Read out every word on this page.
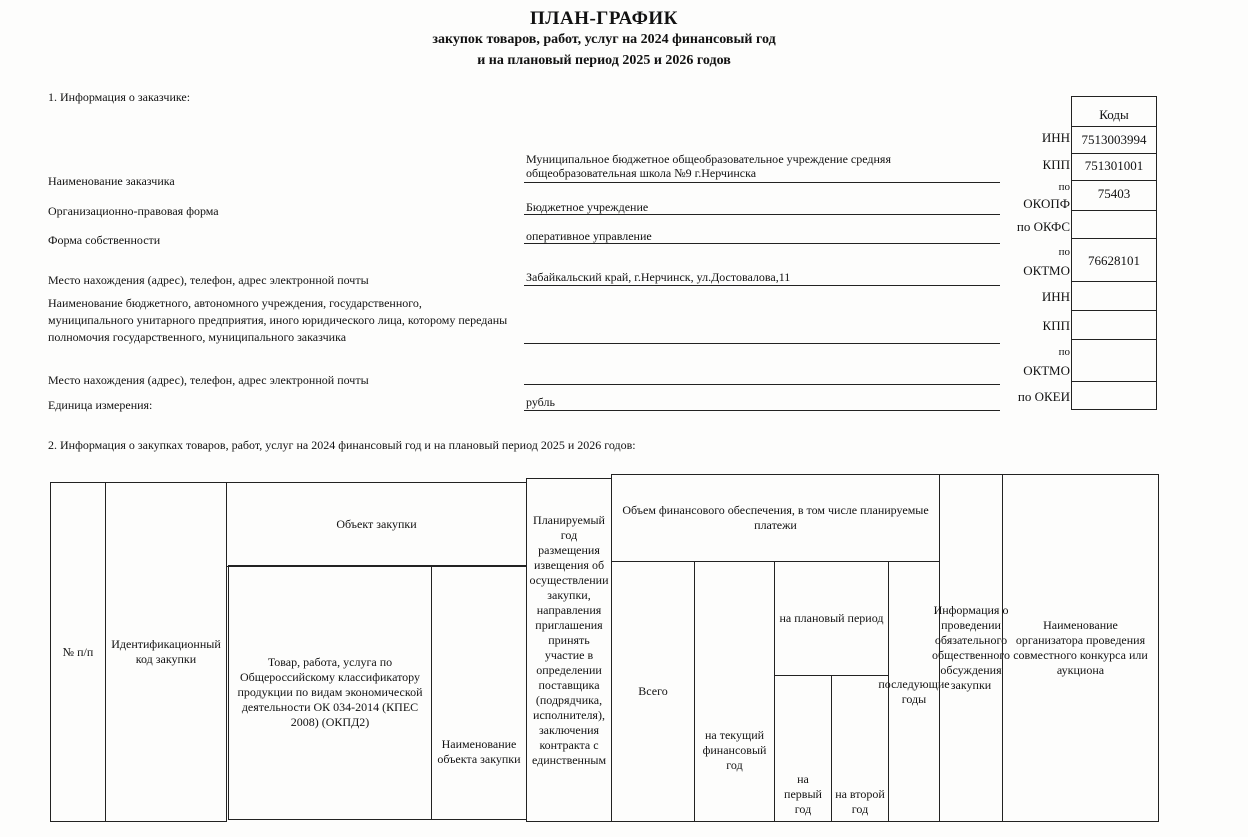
ПЛАН-ГРАФИК
закупок товаров, работ, услуг на 2024 финансовый год
и на плановый период 2025 и 2026 годов
1. Информация о заказчике:
Коды
7513003994
751301001
75403
76628101
ИНН
КПП
по
ОКОПФ
по ОКФС
по
ОКТМО
ИНН
КПП
по
ОКТМО
по ОКЕИ
Наименование заказчика
Организационно-правовая форма
Форма собственности
Место нахождения (адрес), телефон, адрес электронной почты
Наименование бюджетного, автономного учреждения, государственного, муниципального унитарного предприятия, иного юридического лица, которому переданы полномочия государственного, муниципального заказчика
Место нахождения (адрес), телефон, адрес электронной почты
Единица измерения:
Муниципальное бюджетное общеобразовательное учреждение средняя общеобразовательная школа №9 г.Нерчинска
Бюджетное учреждение
оперативное управление
Забайкальский край, г.Нерчинск, ул.Достовалова,11
рубль
2. Информация о закупках товаров, работ, услуг на 2024 финансовый год и на плановый период 2025 и 2026 годов:
№ п/п
Идентификационный код закупки
Объект закупки
Товар, работа, услуга по Общероссийскому классификатору продукции по видам экономической деятельности ОК 034-2014 (КПЕС 2008) (ОКПД2)
Наименование объекта закупки
Планируемый год размещения извещения об осуществлении закупки, направления приглашения принять участие в определении поставщика (подрядчика, исполнителя), заключения контракта с единственным
Объем финансового обеспечения, в том числе планируемые платежи
Всего
на текущий финансовый год
на плановый период
на первый год
на второй год
последующие годы
Информация о проведении обязательного общественного обсуждения закупки
Наименование организатора проведения совместного конкурса или аукциона
